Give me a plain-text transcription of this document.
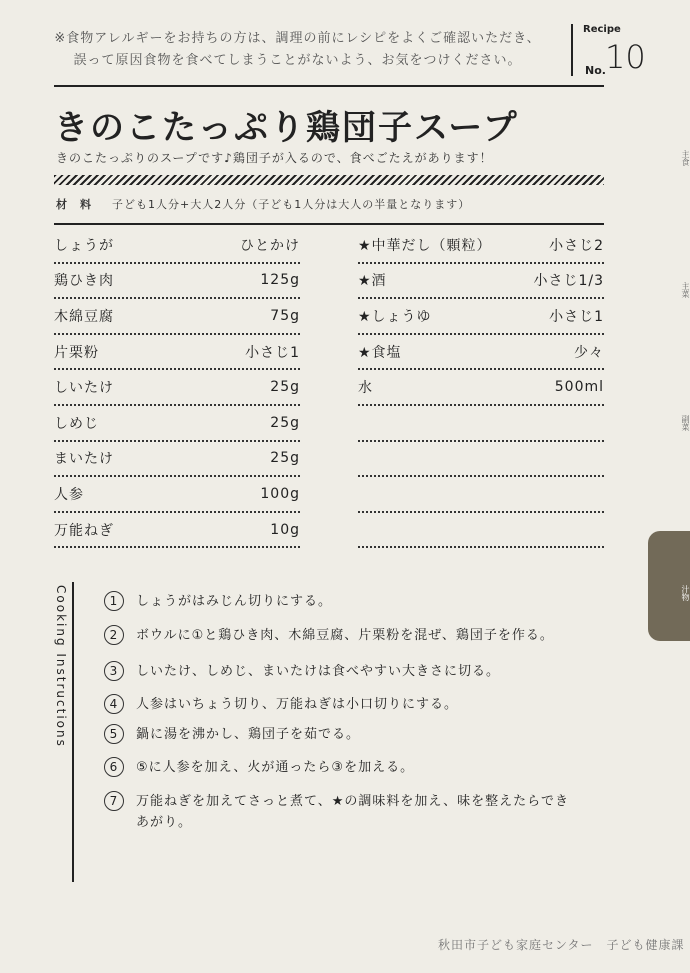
※食物アレルギーをお持ちの方は、調理の前にレシピをよくご確認いただき、
誤って原因食物を食べてしまうことがないよう、お気をつけください。
Recipe
No. 10
きのこたっぷり鶏団子スープ
きのこたっぷりのスープです♪鶏団子が入るので、食べごたえがあります！
材　料 子ども1人分+大人2人分（子ども1人分は大人の半量となります）
しょうが	ひとかけ
鶏ひき肉	125g
木綿豆腐	75g
片栗粉	小さじ1
しいたけ	25g
しめじ	25g
まいたけ	25g
人参	100g
万能ねぎ	10g
★中華だし（顆粒）	小さじ2
★酒	小さじ1/3
★しょうゆ	小さじ1
★食塩	少々
水	500ml
主食
主菜
副菜
汁物
Cooking Instructions	1	しょうがはみじん切りにする。
2	ボウルに①と鶏ひき肉、木綿豆腐、片栗粉を混ぜ、鶏団子を作る。
3	しいたけ、しめじ、まいたけは食べやすい大きさに切る。
4	人参はいちょう切り、万能ねぎは小口切りにする。
5	鍋に湯を沸かし、鶏団子を茹でる。
6	⑤に人参を加え、火が通ったら③を加える。
7	万能ねぎを加えてさっと煮て、★の調味料を加え、味を整えたらできあがり。
秋田市子ども家庭センター　子ども健康課
